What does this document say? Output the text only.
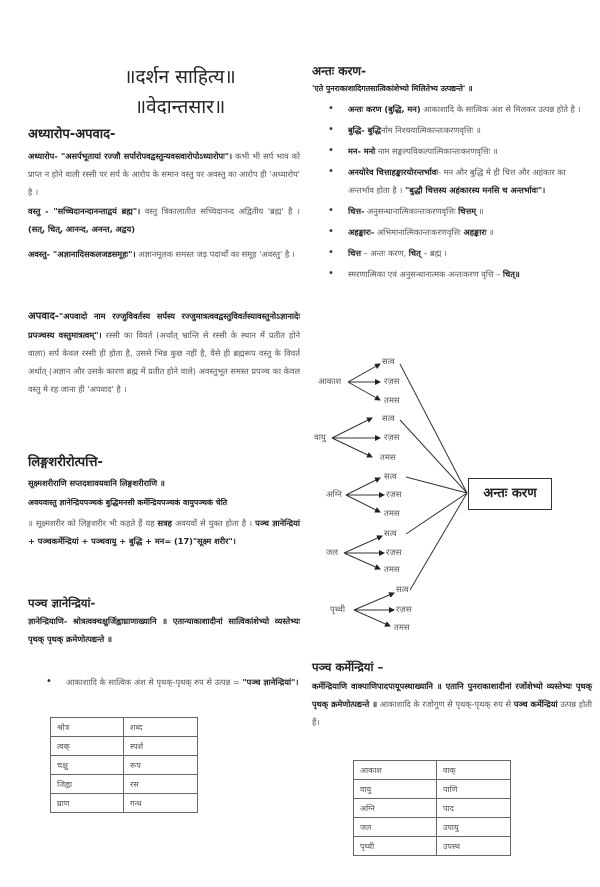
॥दर्शन साहित्य॥
॥वेदान्तसार॥
अध्यारोप-अपवाद-
अध्यारोप- "असर्पभूतायां रज्जौ सर्पारोपवद्वस्तुन्यवस्त्वारोपोऽध्यारोपः"। कभी भी सर्प भाव को प्राप्त न होने वाली रस्सी पर सर्प के आरोप के समान वस्तु पर अवस्तु का आरोप ही 'अध्यारोप' है ।
वस्तु - "सच्चिदानन्दानन्ताद्वयं ब्रह्म"। वस्तु त्रिकालातीत सच्चिदानन्द अद्वितीय 'ब्रह्म' है । (सत्, चित्, आनन्द, अनन्त, अद्वय)
अवस्तु- "अज्ञानादिसकलजडसमूहः"। अज्ञानमूलक समस्त जड़ पदार्थों का समूह 'अवस्तु' है ।
अपवाद-"अपवादो नाम रज्जुविवर्तस्य सर्पस्य रज्जुमात्रत्ववद्वस्तुविवर्तस्यावस्तुनोऽज्ञानादेः प्रपञ्चस्य वस्तुमात्रत्वम्"। रस्सी का विवर्त (अर्थात् भ्रान्ति से रस्सी के स्थान में प्रतीत होने वाला) सर्प केवल रस्सी ही होता है, उससे भिन्न कुछ नहीं है, वैसे ही ब्रह्मरूप वस्तु के विवर्त अर्थात् (अज्ञान और उसके कारण ब्रह्म में प्रतीत होने वाले) अवस्तुभूत समस्त प्रपञ्च का केवल वस्तु मे रह जाना ही 'अपवाद' है ।
लिङ्गशरीरोत्पत्ति-
सूक्ष्मशरीराणि सप्तदशावयवानि लिङ्गशरीराणि ॥
अवयवास्तु ज्ञानेन्द्रियपञ्चकं बुद्धिमनसी कर्मेन्द्रियपञ्चकं वायुपञ्चकं चेति
॥ सूक्ष्मशरीर को लिङ्गशरीर भी कहते हैं यह सत्रह अवयवों से युक्त होता है । पञ्च ज्ञानेन्द्रियां + पञ्चकर्मेन्द्रियां + पञ्चवायु + बुद्धि + मन= (17)"सूक्ष्म शरीर"।
पञ्च ज्ञानेन्द्रियां-
ज्ञानेन्द्रियाणि- श्रोत्रत्वक्चक्षुर्जिह्वाघ्राणाख्यानि ॥ एतान्याकाशादीनां सात्विकांशेभ्यो व्यस्तेभ्यः पृथक् पृथक् क्रमेणोत्पद्यन्ते ॥
• आकाशादि के सात्विक अंश से पृथक्-पृथक् रुप से उत्पन्न = "पञ्च ज्ञानेन्द्रियां"।
श्रोत्र	शब्द
त्वक्	स्पर्श
चक्षु	रूप
जिह्वा	रस
घ्राण	गन्ध
अन्तः करण-
'एते पुनराकाशादिगतसात्विकांशेभ्यो मिलितेभ्य उत्पद्यन्ते' ॥
• अन्तः करण (बुद्धि, मन) आकाशादि के सात्विक अंश से मिलकर उत्पन्न होते है ।
• बुद्धि- बुद्धिर्नाम निश्चयात्मिकान्तःकरणवृत्तिः ॥
• मन- मनो नाम सङ्कल्पविकल्पात्मिकान्तःकरणवृत्तिः ॥
• अनयोरेव चित्ताहङ्कारयोरन्तर्भावः- मन और बुद्धि मे ही चित्त और अहंकार का अन्तर्भाव होता है । "बुद्धौ चित्तस्य अहंकारस्य मनसि च अन्तर्भावः"।
• चित्त- अनुसन्धानात्मिकान्तःकरणवृत्तिः चित्तम् ॥
• अहङ्कारः- अभिमानात्मिकान्तःकरणवृत्तिः अहङ्कारः ॥
• चित्त – अन्तः करण, चित् – ब्रह्म ।
• स्मरणात्मिका एवं अनुसन्धानात्मक अन्तःकरण वृत्ति – चित्॥
आकाश
सत्व
रज़स
तमस
वायु
सत्व
रज़स
तमस
अग्नि
सत्व
रज़स
तमस
जल
सत्व
रज़स
तमस
पृथ्वी
सत्व
रज़स
तमस
अन्तः करण
पञ्च कर्मेन्द्रियां –
कर्मेन्द्रियाणि वाक्पाणिपादपायूपस्थाख्यानि ॥ एतानि पुनराकाशादीनां रजोंशेभ्यो व्यस्तेभ्यः पृथक् पृथक् क्रमेणोत्पद्यन्ते ॥ आकाशादि के रजोगुण से पृथक्-पृथक् रुप से पञ्च कर्मेन्द्रियां उत्पन्न होती हैं।
आकाश	वाक्
वायु	पाणि
अग्नि	पाद
जल	उपायु
पृथ्वी	उपस्थ
